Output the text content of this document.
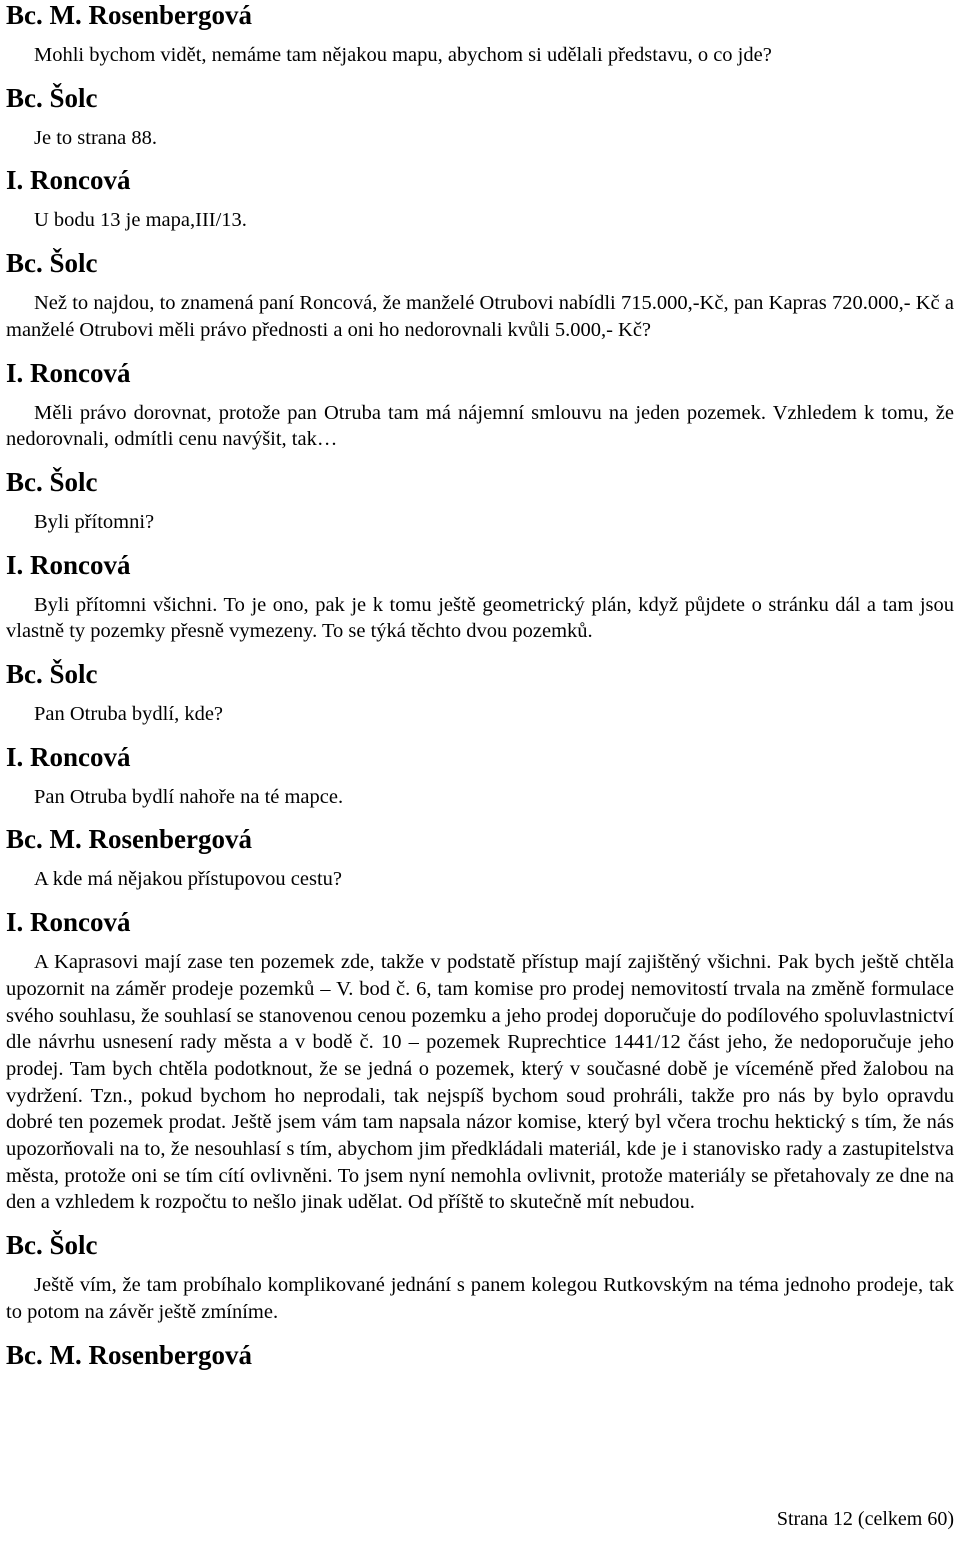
Bc. M. Rosenbergová
Mohli bychom vidět, nemáme tam nějakou mapu, abychom si udělali představu, o co jde?
Bc. Šolc
Je to strana 88.
I. Roncová
U bodu 13 je mapa,III/13.
Bc. Šolc
Než to najdou, to znamená paní Roncová, že manželé Otrubovi nabídli 715.000,-Kč, pan Kapras 720.000,- Kč a manželé Otrubovi měli právo přednosti a oni ho nedorovnali kvůli 5.000,- Kč?
I. Roncová
Měli právo dorovnat, protože pan Otruba tam má nájemní smlouvu na jeden pozemek. Vzhledem k tomu, že nedorovnali, odmítli cenu navýšit, tak…
Bc. Šolc
Byli přítomni?
I. Roncová
Byli přítomni všichni. To je ono, pak je k tomu ještě geometrický plán, když půjdete o stránku dál a tam jsou vlastně ty pozemky přesně vymezeny. To se týká těchto dvou pozemků.
Bc. Šolc
Pan Otruba bydlí, kde?
I. Roncová
Pan Otruba bydlí nahoře na té mapce.
Bc. M. Rosenbergová
A kde má nějakou přístupovou cestu?
I. Roncová
A Kaprasovi mají zase ten pozemek zde, takže v podstatě přístup mají zajištěný všichni. Pak bych ještě chtěla upozornit na záměr prodeje pozemků – V. bod č. 6, tam komise pro prodej nemovitostí trvala na změně formulace svého souhlasu, že souhlasí se stanovenou cenou pozemku a jeho prodej doporučuje do podílového spoluvlastnictví dle návrhu usnesení rady města a v bodě č. 10 – pozemek Ruprechtice 1441/12 část jeho, že nedoporučuje jeho prodej. Tam bych chtěla podotknout, že se jedná o pozemek, který v současné době je víceméně před žalobou na vydržení. Tzn., pokud bychom ho neprodali, tak nejspíš bychom soud prohráli, takže pro nás by bylo opravdu dobré ten pozemek prodat. Ještě jsem vám tam napsala názor komise, který byl včera trochu hektický s tím, že nás upozorňovali na to, že nesouhlasí s tím, abychom jim předkládali materiál, kde je i stanovisko rady a zastupitelstva města, protože oni se tím cítí ovlivněni. To jsem nyní nemohla ovlivnit, protože materiály se přetahovaly ze dne na den a vzhledem k rozpočtu to nešlo jinak udělat. Od příště to skutečně mít nebudou.
Bc. Šolc
Ještě vím, že tam probíhalo komplikované jednání s panem kolegou Rutkovským na téma jednoho prodeje, tak to potom na závěr ještě zmíníme.
Bc. M. Rosenbergová
Strana 12 (celkem 60)
